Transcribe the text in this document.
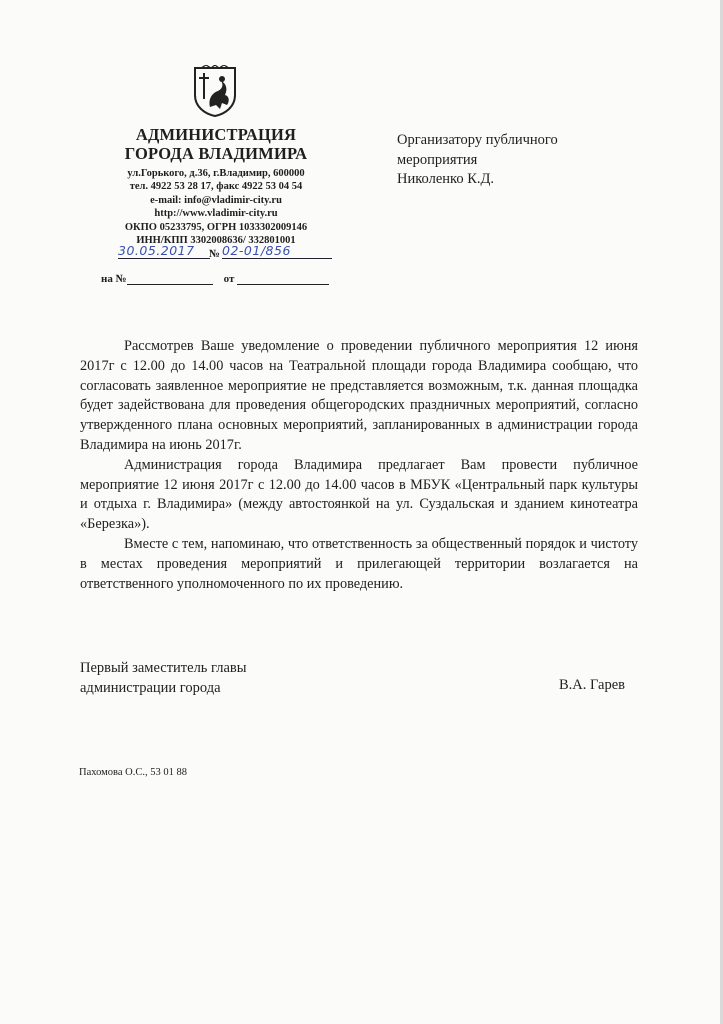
АДМИНИСТРАЦИЯ
ГОРОДА ВЛАДИМИРА
ул.Горького, д.36, г.Владимир, 600000
тел. 4922 53 28 17, факс 4922 53 04 54
e-mail: info@vladimir-city.ru
http://www.vladimir-city.ru
ОКПО 05233795, ОГРН 1033302009146
ИНН/КПП 3302008636/ 332801001
30.05.2017	№ 02-01/856
на №	от
Организатору публичного
мероприятия
Николенко К.Д.

Рассмотрев Ваше уведомление о проведении публичного мероприятия 12 июня 2017г с 12.00 до 14.00 часов на Театральной площади города Владимира сообщаю, что согласовать заявленное мероприятие не представляется возможным, т.к. данная площадка будет задействована для проведения общегородских праздничных мероприятий, согласно утвержденного плана основных мероприятий, запланированных в администрации города Владимира на июнь 2017г.

Администрация города Владимира предлагает Вам провести публичное мероприятие 12 июня 2017г с 12.00 до 14.00 часов в МБУК «Центральный парк культуры и отдыха г. Владимира» (между автостоянкой на ул. Суздальская и зданием кинотеатра «Березка»).

Вместе с тем, напоминаю, что ответственность за общественный порядок и чистоту в местах проведения мероприятий и прилегающей территории возлагается на ответственного уполномоченного по их проведению.

Первый заместитель главы
администрации города	В.А. Гарев
Пахомова О.С., 53 01 88
